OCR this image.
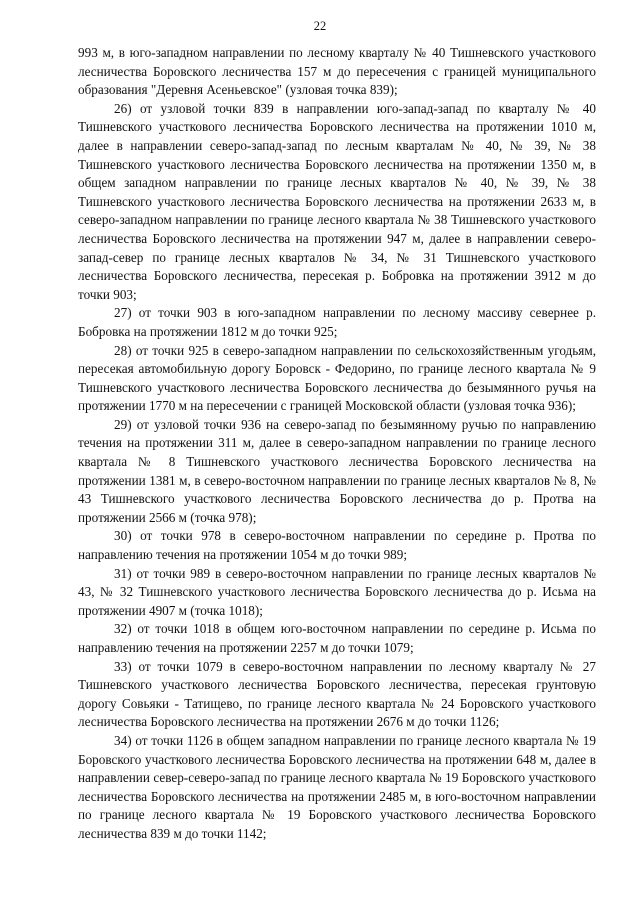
22

993 м, в юго-западном направлении по лесному кварталу № 40 Тишневского участкового лесничества Боровского лесничества 157 м до пересечения с границей муниципального образования "Деревня Асеньевское" (узловая точка 839);

26) от узловой точки 839 в направлении юго-запад-запад по кварталу № 40 Тишневского участкового лесничества Боровского лесничества на протяжении 1010 м, далее в направлении северо-запад-запад по лесным кварталам № 40, № 39, № 38 Тишневского участкового лесничества Боровского лесничества на протяжении 1350 м, в общем западном направлении по границе лесных кварталов № 40, № 39, № 38 Тишневского участкового лесничества Боровского лесничества на протяжении 2633 м, в северо-западном направлении по границе лесного квартала № 38 Тишневского участкового лесничества Боровского лесничества на протяжении 947 м, далее в направлении северо-запад-север по границе лесных кварталов № 34, № 31 Тишневского участкового лесничества Боровского лесничества, пересекая р. Бобровка на протяжении 3912 м до точки 903;

27) от точки 903 в юго-западном направлении по лесному массиву севернее р. Бобровка на протяжении 1812 м до точки 925;

28) от точки 925 в северо-западном направлении по сельскохозяйственным угодьям, пересекая автомобильную дорогу Боровск - Федорино, по границе лесного квартала № 9 Тишневского участкового лесничества Боровского лесничества до безымянного ручья на протяжении 1770 м на пересечении с границей Московской области (узловая точка 936);

29) от узловой точки 936 на северо-запад по безымянному ручью по направлению течения на протяжении 311 м, далее в северо-западном направлении по границе лесного квартала № 8 Тишневского участкового лесничества Боровского лесничества на протяжении 1381 м, в северо-восточном направлении по границе лесных кварталов № 8, № 43 Тишневского участкового лесничества Боровского лесничества до р. Протва на протяжении 2566 м (точка 978);

30) от точки 978 в северо-восточном направлении по середине р. Протва по направлению течения на протяжении 1054 м до точки 989;

31) от точки 989 в северо-восточном направлении по границе лесных кварталов № 43, № 32 Тишневского участкового лесничества Боровского лесничества до р. Исьма на протяжении 4907 м (точка 1018);

32) от точки 1018 в общем юго-восточном направлении по середине р. Исьма по направлению течения на протяжении 2257 м до точки 1079;

33) от точки 1079 в северо-восточном направлении по лесному кварталу № 27 Тишневского участкового лесничества Боровского лесничества, пересекая грунтовую дорогу Совьяки - Татищево, по границе лесного квартала № 24 Боровского участкового лесничества Боровского лесничества на протяжении 2676 м до точки 1126;

34) от точки 1126 в общем западном направлении по границе лесного квартала № 19 Боровского участкового лесничества Боровского лесничества на протяжении 648 м, далее в направлении север-северо-запад по границе лесного квартала № 19 Боровского участкового лесничества Боровского лесничества на протяжении 2485 м, в юго-восточном направлении по границе лесного квартала № 19 Боровского участкового лесничества Боровского лесничества 839 м до точки 1142;
